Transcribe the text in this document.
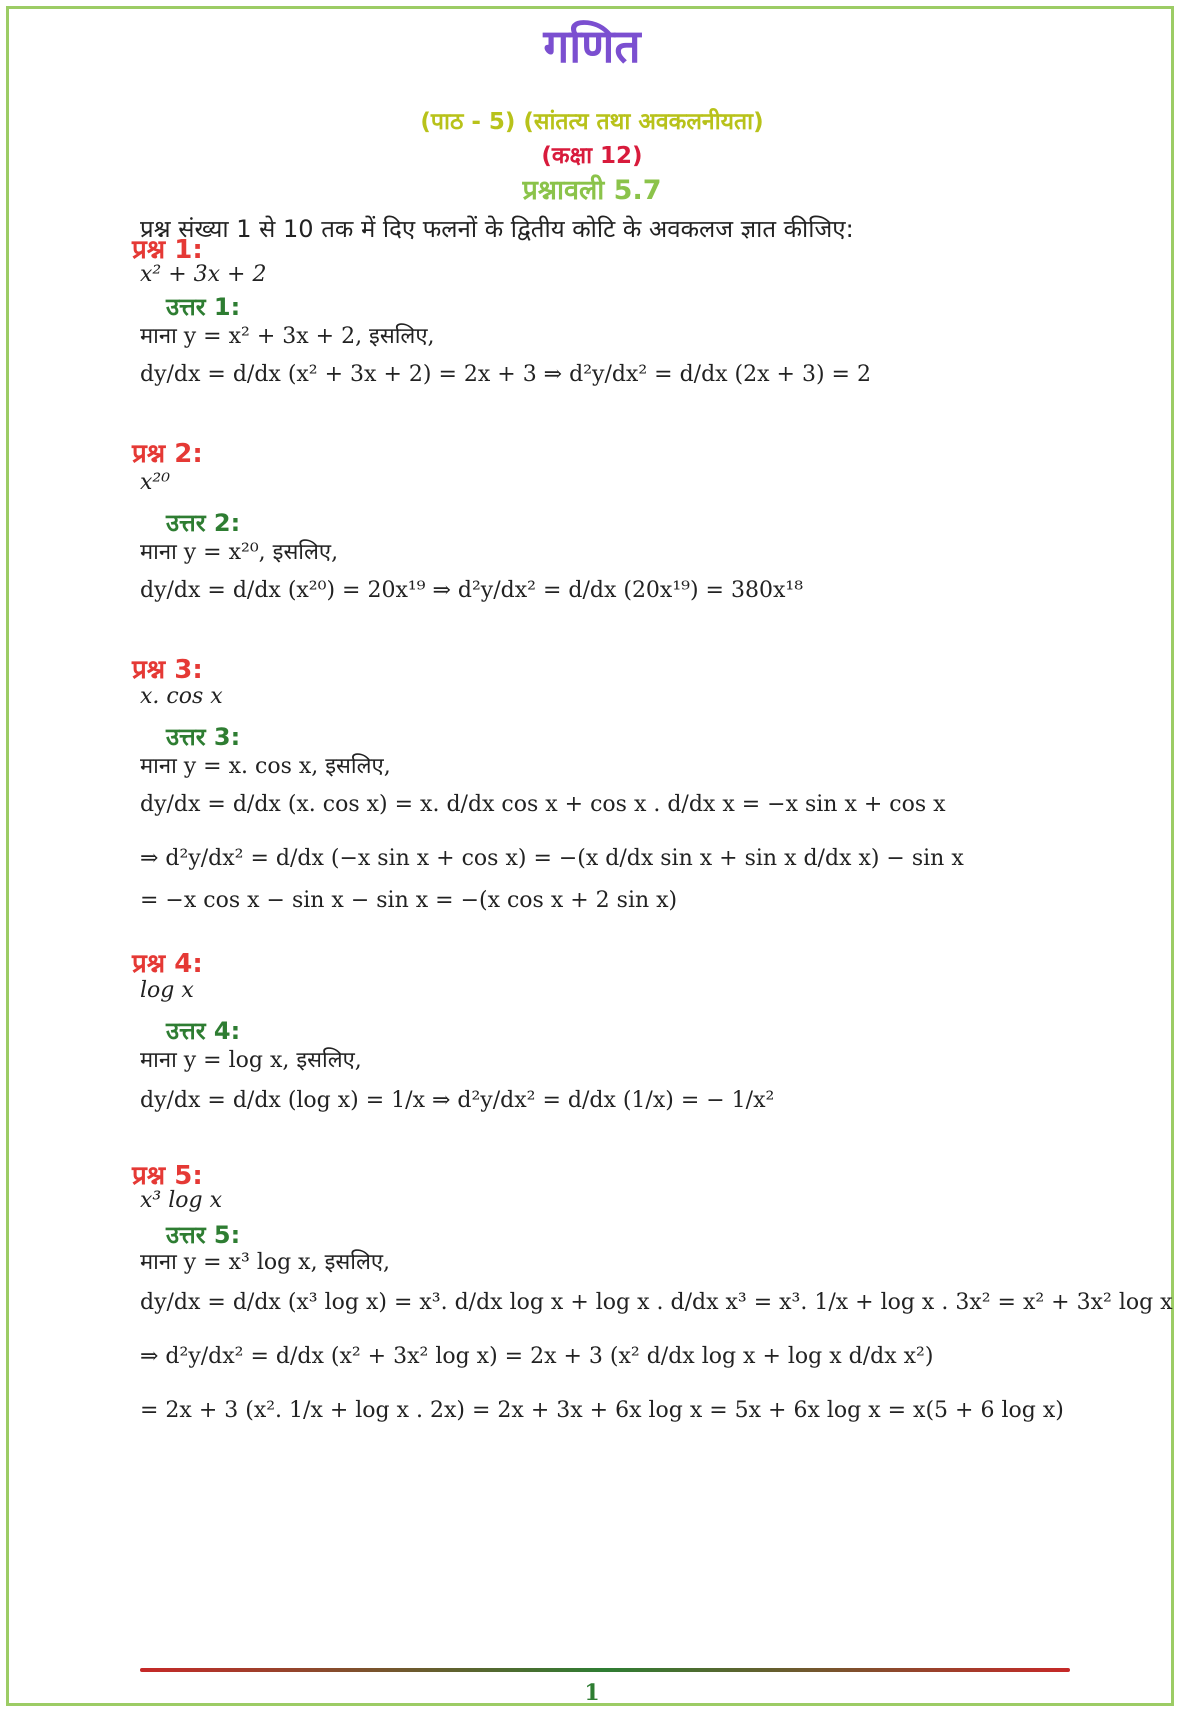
गणित
(पाठ - 5) (सांतत्य तथा अवकलनीयता)
(कक्षा 12)
प्रश्नावली 5.7
प्रश्न संख्या 1 से 10 तक में दिए फलनों के द्वितीय कोटि के अवकलज ज्ञात कीजिए:
प्रश्न 1:
x² + 3x + 2
उत्तर 1:
माना y = x² + 3x + 2, इसलिए,
dy/dx = d/dx (x² + 3x + 2) = 2x + 3 ⇒ d²y/dx² = d/dx (2x + 3) = 2
प्रश्न 2:
x²⁰
उत्तर 2:
माना y = x²⁰, इसलिए,
dy/dx = d/dx (x²⁰) = 20x¹⁹ ⇒ d²y/dx² = d/dx (20x¹⁹) = 380x¹⁸
प्रश्न 3:
x. cos x
उत्तर 3:
माना y = x. cos x, इसलिए,
dy/dx = d/dx (x. cos x) = x. d/dx cos x + cos x . d/dx x = −x sin x + cos x
⇒ d²y/dx² = d/dx (−x sin x + cos x) = −(x d/dx sin x + sin x d/dx x) − sin x
= −x cos x − sin x − sin x = −(x cos x + 2 sin x)
प्रश्न 4:
log x
उत्तर 4:
माना y = log x, इसलिए,
dy/dx = d/dx (log x) = 1/x ⇒ d²y/dx² = d/dx (1/x) = − 1/x²
प्रश्न 5:
x³ log x
उत्तर 5:
माना y = x³ log x, इसलिए,
dy/dx = d/dx (x³ log x) = x³. d/dx log x + log x . d/dx x³ = x³. 1/x + log x . 3x² = x² + 3x² log x
⇒ d²y/dx² = d/dx (x² + 3x² log x) = 2x + 3 (x² d/dx log x + log x d/dx x²)
= 2x + 3 (x². 1/x + log x . 2x) = 2x + 3x + 6x log x = 5x + 6x log x = x(5 + 6 log x)
1
